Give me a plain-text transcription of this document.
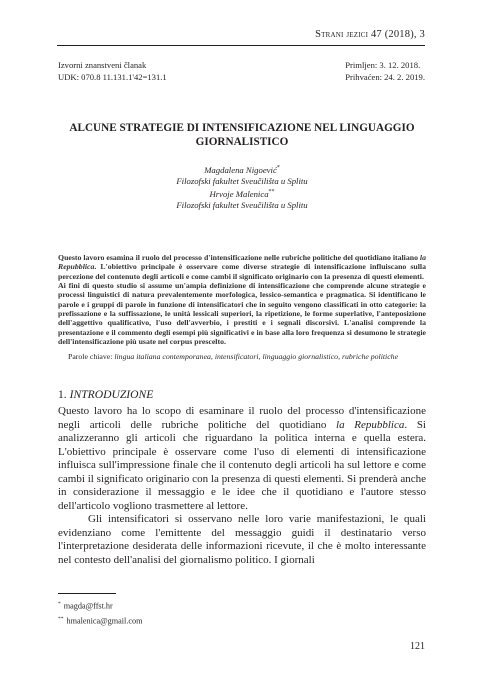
Strani jezici 47 (2018), 3
Izvorni znanstveni članak
UDK: 070.8 11.131.1'42=131.1
Primljen: 3. 12. 2018.
Prihvaćen: 24. 2. 2019.
ALCUNE STRATEGIE DI INTENSIFICAZIONE NEL LINGUAGGIO GIORNALISTICO
Magdalena Nigoević*
Filozofski fakultet Sveučilišta u Splitu
Hrvoje Malenica**
Filozofski fakultet Sveučilišta u Splitu

Questo lavoro esamina il ruolo del processo d'intensificazione nelle rubriche politiche del quotidiano italiano la Repubblica. L'obiettivo principale è osservare come diverse strategie di intensificazione influiscano sulla percezione del contenuto degli articoli e come cambi il significato originario con la presenza di questi elementi.

Ai fini di questo studio si assume un'ampia definizione di intensificazione che comprende alcune strategie e processi linguistici di natura prevalentemente morfologica, lessico-semantica e pragmatica. Si identificano le parole e i gruppi di parole in funzione di intensificatori che in seguito vengono classificati in otto categorie: la prefissazione e la suffissazione, le unità lessicali superiori, la ripetizione, le forme superlative, l'anteposizione dell'aggettivo qualificativo, l'uso dell'avverbio, i prestiti e i segnali discorsivi. L'analisi comprende la presentazione e il commento degli esempi più significativi e in base alla loro frequenza si desumono le strategie dell'intensificazione più usate nel corpus prescelto.

Parole chiave: lingua italiana contemporanea, intensificatori, linguaggio giornalistico, rubriche politiche
1. INTRODUZIONE

Questo lavoro ha lo scopo di esaminare il ruolo del processo d'intensificazione negli articoli delle rubriche politiche del quotidiano la Repubblica. Si analizzeranno gli articoli che riguardano la politica interna e quella estera. L'obiettivo principale è osservare come l'uso di elementi di intensificazione influisca sull'impressione finale che il contenuto degli articoli ha sul lettore e come cambi il significato originario con la presenza di questi elementi. Si prenderà anche in considerazione il messaggio e le idee che il quotidiano e l'autore stesso dell'articolo vogliono trasmettere al lettore.

Gli intensificatori si osservano nelle loro varie manifestazioni, le quali evidenziano come l'emittente del messaggio guidi il destinatario verso l'interpretazione desiderata delle informazioni ricevute, il che è molto interessante nel contesto dell'analisi del giornalismo politico. I giornali

* magda@ffst.hr
** hmalenica@gmail.com
121
